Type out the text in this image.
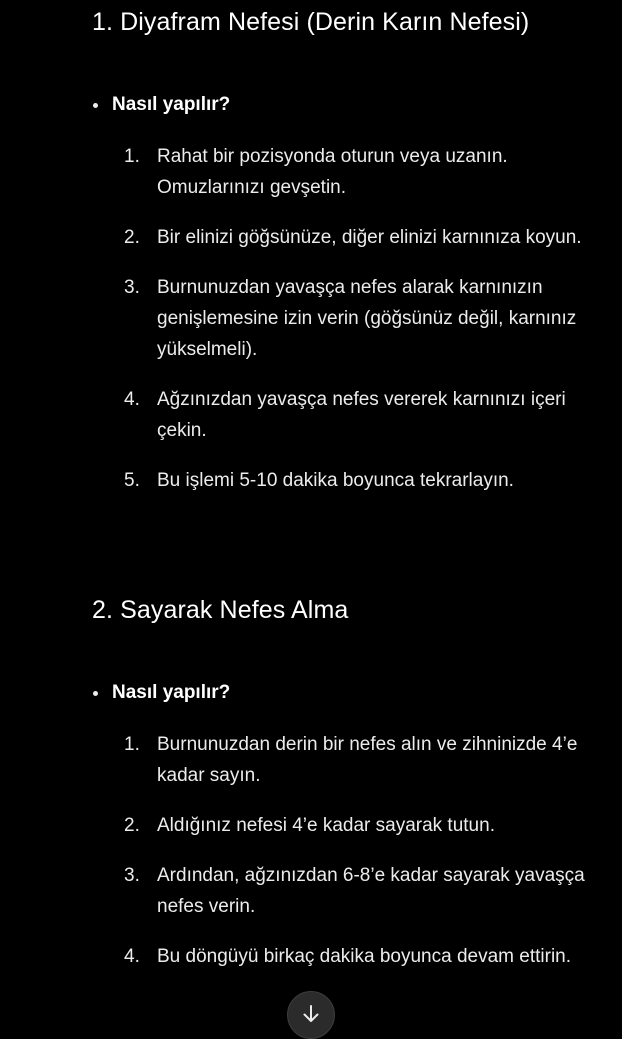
1. Diyafram Nefesi (Derin Karın Nefesi)
Nasıl yapılır?
1. Rahat bir pozisyonda oturun veya uzanın. Omuzlarınızı gevşetin.
2. Bir elinizi göğsünüze, diğer elinizi karnınıza koyun.
3. Burnunuzdan yavaşça nefes alarak karnınızın genişlemesine izin verin (göğsünüz değil, karnınız yükselmeli).
4. Ağzınızdan yavaşça nefes vererek karnınızı içeri çekin.
5. Bu işlemi 5-10 dakika boyunca tekrarlayın.
2. Sayarak Nefes Alma
Nasıl yapılır?
1. Burnunuzdan derin bir nefes alın ve zihninizde 4’e kadar sayın.
2. Aldığınız nefesi 4’e kadar sayarak tutun.
3. Ardından, ağzınızdan 6-8’e kadar sayarak yavaşça nefes verin.
4. Bu döngüyü birkaç dakika boyunca devam ettirin.
